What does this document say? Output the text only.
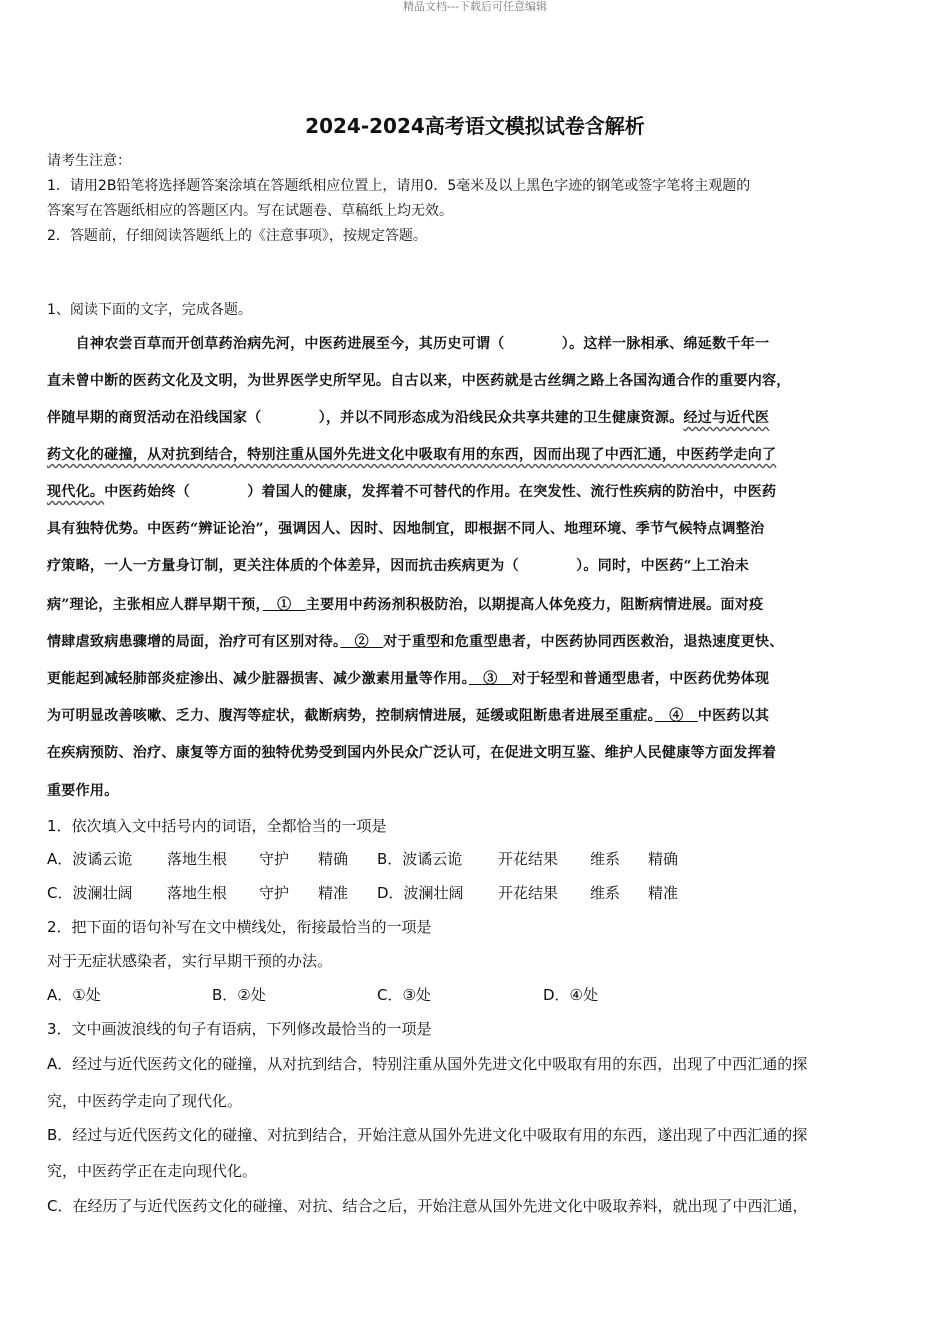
精品文档---下载后可任意编辑
2024-2024高考语文模拟试卷含解析
请考生注意：
1．请用2B铅笔将选择题答案涂填在答题纸相应位置上，请用0．5毫米及以上黑色字迹的钢笔或签字笔将主观题的
答案写在答题纸相应的答题区内。写在试题卷、草稿纸上均无效。
2．答题前，仔细阅读答题纸上的《注意事项》，按规定答题。
1、阅读下面的文字，完成各题。
　　自神农尝百草而开创草药治病先河，中医药进展至今，其历史可谓（　　　　）。这样一脉相承、绵延数千年一
直未曾中断的医药文化及文明，为世界医学史所罕见。自古以来，中医药就是古丝绸之路上各国沟通合作的重要内容，
伴随早期的商贸活动在沿线国家（　　　　），并以不同形态成为沿线民众共享共建的卫生健康资源。经过与近代医
药文化的碰撞，从对抗到结合，特别注重从国外先进文化中吸取有用的东西，因而出现了中西汇通，中医药学走向了
现代化。中医药始终（　　　　）着国人的健康，发挥着不可替代的作用。在突发性、流行性疾病的防治中，中医药
具有独特优势。中医药“辨证论治”，强调因人、因时、因地制宜，即根据不同人、地理环境、季节气候特点调整治
疗策略，一人一方量身订制，更关注体质的个体差异，因而抗击疾病更为（　　　　）。同时，中医药“上工治未
病”理论，主张相应人群早期干预，　①　主要用中药汤剂积极防治，以期提高人体免疫力，阻断病情进展。面对疫
情肆虐致病患骤增的局面，治疗可有区别对待。　②　对于重型和危重型患者，中医药协同西医救治，退热速度更快、
更能起到减轻肺部炎症渗出、减少脏器损害、减少激素用量等作用。　③　对于轻型和普通型患者，中医药优势体现
为可明显改善咳嗽、乏力、腹泻等症状，截断病势，控制病情进展，延缓或阻断患者进展至重症。　④　中医药以其
在疾病预防、治疗、康复等方面的独特优势受到国内外民众广泛认可，在促进文明互鉴、维护人民健康等方面发挥着
重要作用。
1．依次填入文中括号内的词语，全都恰当的一项是
A．波谲云诡 落地生根 守护 精确 B．波谲云诡 开花结果 维系 精确
C．波澜壮阔 落地生根 守护 精准 D．波澜壮阔 开花结果 维系 精准
2．把下面的语句补写在文中横线处，衔接最恰当的一项是
对于无症状感染者，实行早期干预的办法。
A．①处	B．②处	C．③处	D．④处
3．文中画波浪线的句子有语病，下列修改最恰当的一项是
A．经过与近代医药文化的碰撞，从对抗到结合，特别注重从国外先进文化中吸取有用的东西，出现了中西汇通的探
究，中医药学走向了现代化。
B．经过与近代医药文化的碰撞、对抗到结合，开始注意从国外先进文化中吸取有用的东西，遂出现了中西汇通的探
究，中医药学正在走向现代化。
C．在经历了与近代医药文化的碰撞、对抗、结合之后，开始注意从国外先进文化中吸取养料，就出现了中西汇通，
